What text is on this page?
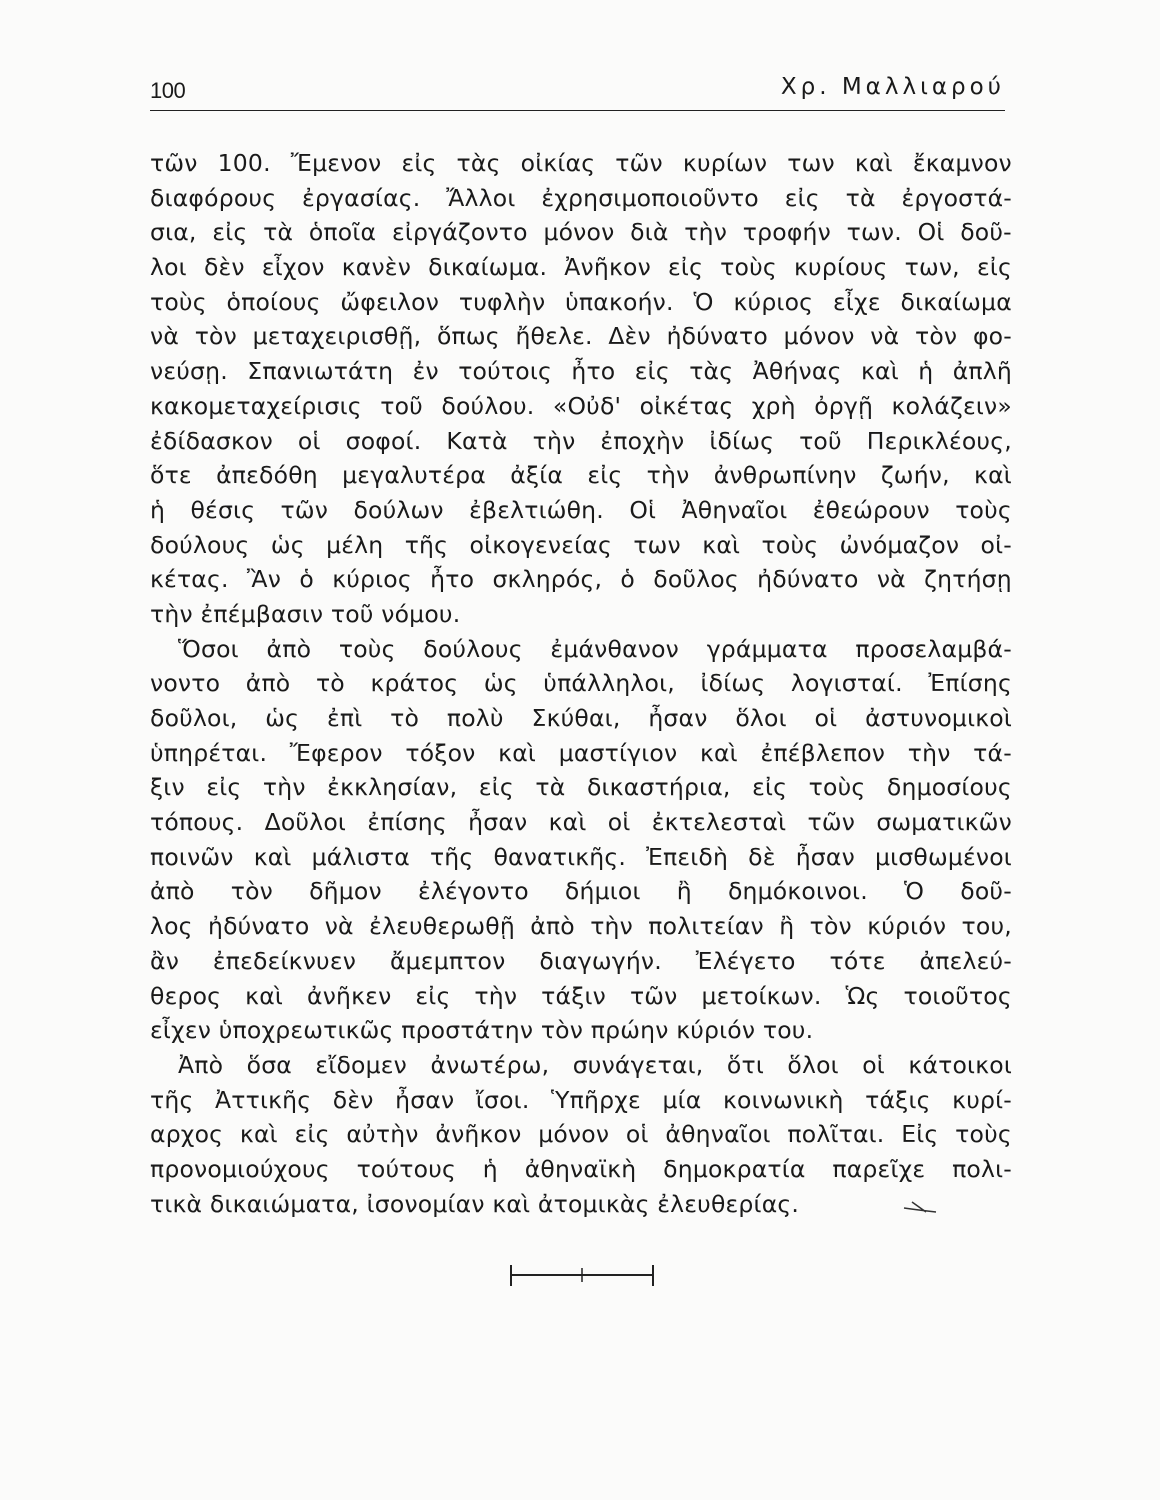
100	Χρ. Μαλλιαρού
τῶν 100. Ἔμενον εἰς τὰς οἰκίας τῶν κυρίων των καὶ ἔκαμνον
διαφόρους ἐργασίας. Ἄλλοι ἐχρησιμοποιοῦντο εἰς τὰ ἐργοστά-
σια, εἰς τὰ ὁποῖα εἰργάζοντο μόνον διὰ τὴν τροφήν των. Οἱ δοῦ-
λοι δὲν εἶχον κανὲν δικαίωμα. Ἀνῆκον εἰς τοὺς κυρίους των, εἰς
τοὺς ὁποίους ὤφειλον τυφλὴν ὑπακοήν. Ὁ κύριος εἶχε δικαίωμα
νὰ τὸν μεταχειρισθῇ, ὅπως ἤθελε. Δὲν ἠδύνατο μόνον νὰ τὸν φο-
νεύσῃ. Σπανιωτάτη ἐν τούτοις ἦτο εἰς τὰς Ἀθήνας καὶ ἡ ἀπλῆ
κακομεταχείρισις τοῦ δούλου. «Οὐδ' οἰκέτας χρὴ ὀργῇ κολάζειν»
ἐδίδασκον οἱ σοφοί. Κατὰ τὴν ἐποχὴν ἰδίως τοῦ Περικλέους,
ὅτε ἀπεδόθη μεγαλυτέρα ἀξία εἰς τὴν ἀνθρωπίνην ζωήν, καὶ
ἡ θέσις τῶν δούλων ἐβελτιώθη. Οἱ Ἀθηναῖοι ἐθεώρουν τοὺς
δούλους ὡς μέλη τῆς οἰκογενείας των καὶ τοὺς ὠνόμαζον οἰ-
κέτας. Ἂν ὁ κύριος ἦτο σκληρός, ὁ δοῦλος ἠδύνατο νὰ ζητήσῃ
τὴν ἐπέμβασιν τοῦ νόμου.
Ὅσοι ἀπὸ τοὺς δούλους ἐμάνθανον γράμματα προσελαμβά-
νοντο ἀπὸ τὸ κράτος ὡς ὑπάλληλοι, ἰδίως λογισταί. Ἐπίσης
δοῦλοι, ὡς ἐπὶ τὸ πολὺ Σκύθαι, ἦσαν ὅλοι οἱ ἀστυνομικοὶ
ὑπηρέται. Ἔφερον τόξον καὶ μαστίγιον καὶ ἐπέβλεπον τὴν τά-
ξιν εἰς τὴν ἐκκλησίαν, εἰς τὰ δικαστήρια, εἰς τοὺς δημοσίους
τόπους. Δοῦλοι ἐπίσης ἦσαν καὶ οἱ ἐκτελεσταὶ τῶν σωματικῶν
ποινῶν καὶ μάλιστα τῆς θανατικῆς. Ἐπειδὴ δὲ ἦσαν μισθωμένοι
ἀπὸ τὸν δῆμον ἐλέγοντο δήμιοι ἢ δημόκοινοι. Ὁ δοῦ-
λος ἠδύνατο νὰ ἐλευθερωθῇ ἀπὸ τὴν πολιτείαν ἢ τὸν κύριόν του,
ἂν ἐπεδείκνυεν ἄμεμπτον διαγωγήν. Ἐλέγετο τότε ἀπελεύ-
θερος καὶ ἀνῆκεν εἰς τὴν τάξιν τῶν μετοίκων. Ὡς τοιοῦτος
εἶχεν ὑποχρεωτικῶς προστάτην τὸν πρώην κύριόν του.
Ἀπὸ ὅσα εἴδομεν ἀνωτέρω, συνάγεται, ὅτι ὅλοι οἱ κάτοικοι
τῆς Ἀττικῆς δὲν ἦσαν ἴσοι. Ὑπῆρχε μία κοινωνικὴ τάξις κυρί-
αρχος καὶ εἰς αὐτὴν ἀνῆκον μόνον οἱ ἀθηναῖοι πολῖται. Εἰς τοὺς
προνομιούχους τούτους ἡ ἀθηναϊκὴ δημοκρατία παρεῖχε πολι-
τικὰ δικαιώματα, ἰσονομίαν καὶ ἀτομικὰς ἐλευθερίας.
